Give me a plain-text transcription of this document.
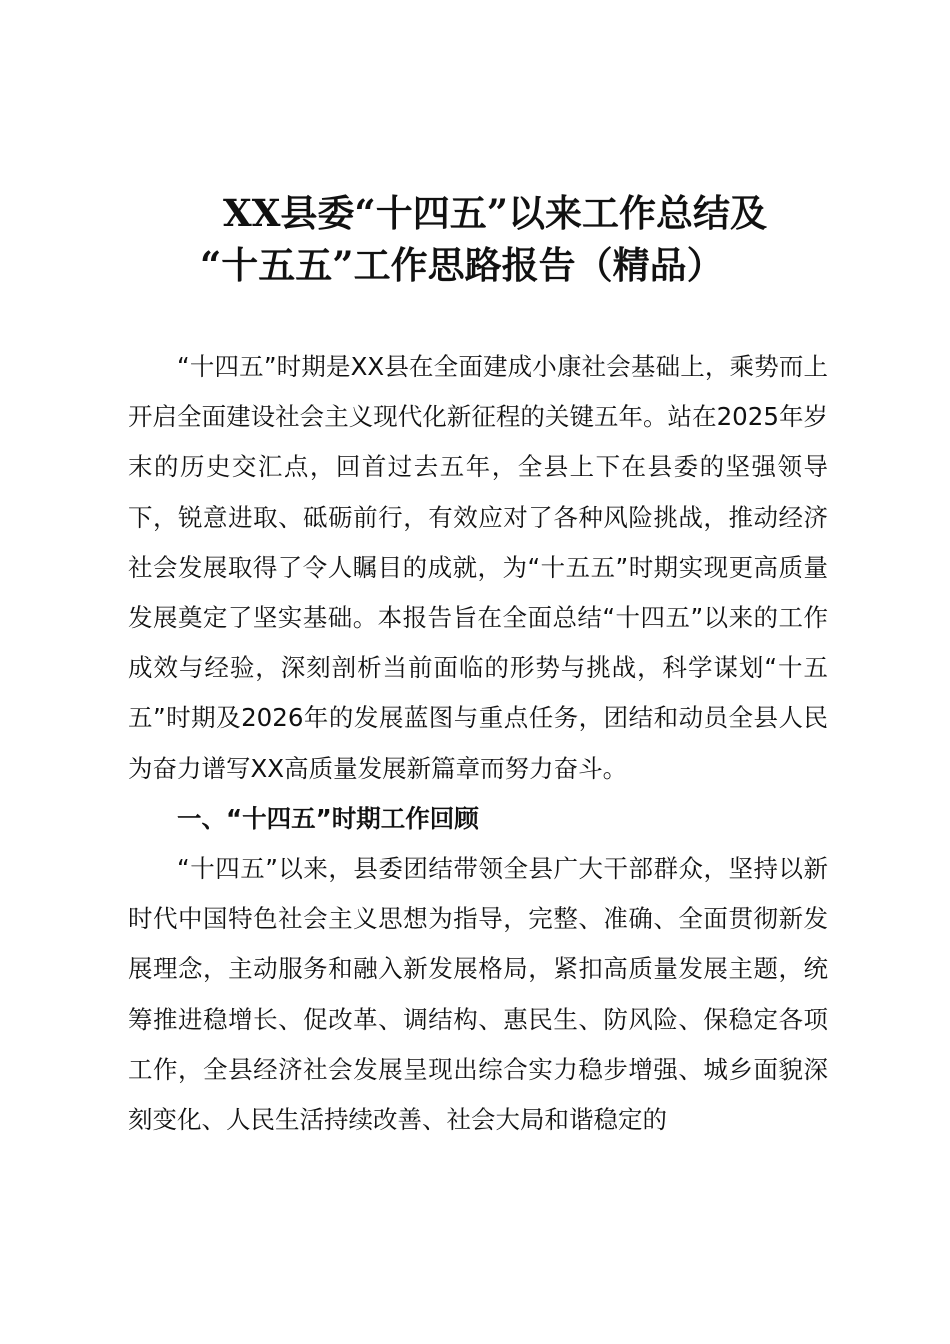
XX县委“十四五”以来工作总结及
“十五五”工作思路报告（精品）

“十四五”时期是XX县在全面建成小康社会基础上，乘势而上开启全面建设社会主义现代化新征程的关键五年。站在2025年岁末的历史交汇点，回首过去五年，全县上下在县委的坚强领导下，锐意进取、砥砺前行，有效应对了各种风险挑战，推动经济社会发展取得了令人瞩目的成就，为“十五五”时期实现更高质量发展奠定了坚实基础。本报告旨在全面总结“十四五”以来的工作成效与经验，深刻剖析当前面临的形势与挑战，科学谋划“十五五”时期及2026年的发展蓝图与重点任务，团结和动员全县人民为奋力谱写XX高质量发展新篇章而努力奋斗。

一、“十四五”时期工作回顾

“十四五”以来，县委团结带领全县广大干部群众，坚持以新时代中国特色社会主义思想为指导，完整、准确、全面贯彻新发展理念，主动服务和融入新发展格局，紧扣高质量发展主题，统筹推进稳增长、促改革、调结构、惠民生、防风险、保稳定各项工作，全县经济社会发展呈现出综合实力稳步增强、城乡面貌深刻变化、人民生活持续改善、社会大局和谐稳定的
